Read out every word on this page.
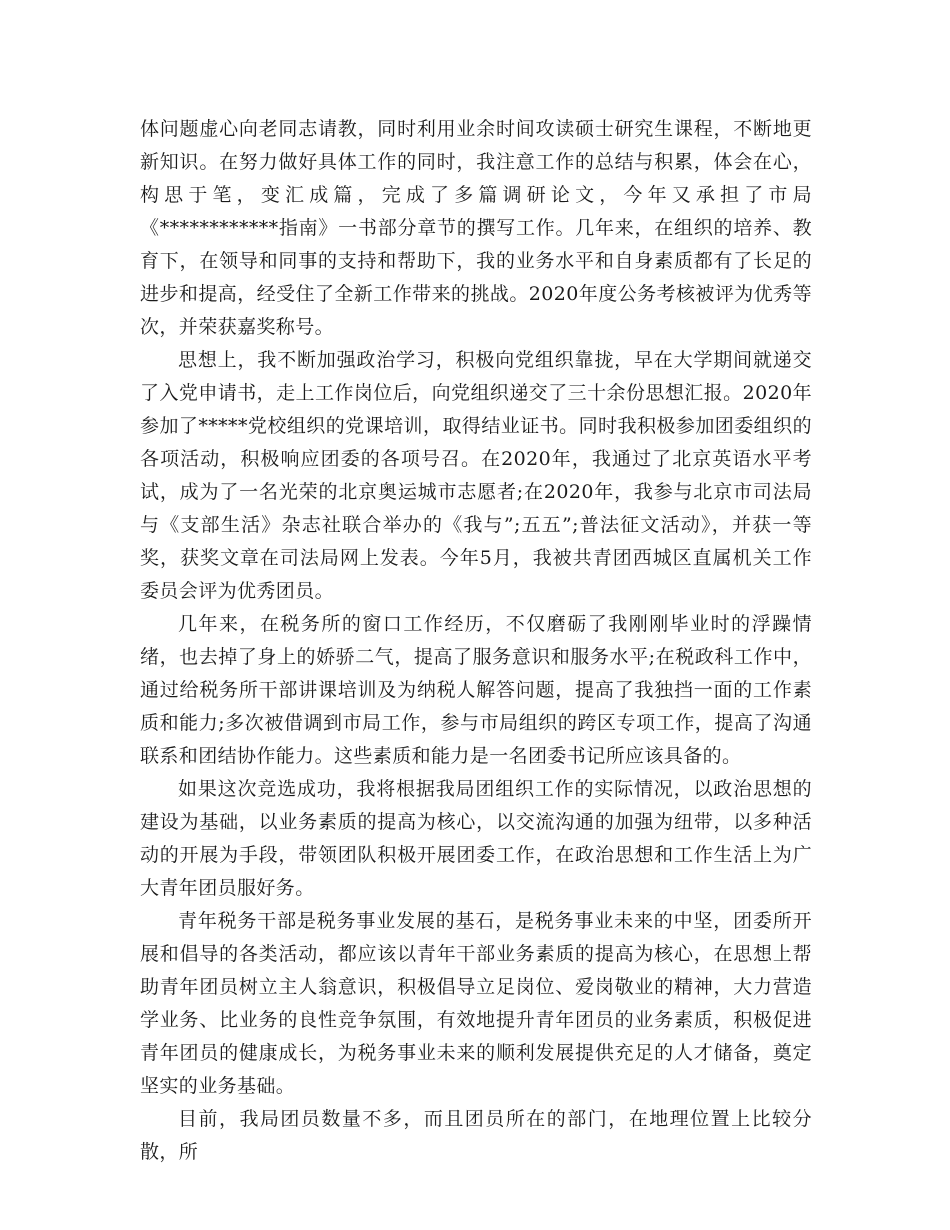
体问题虚心向老同志请教，同时利用业余时间攻读硕士研究生课程，不断地更新知识。在努力做好具体工作的同时，我注意工作的总结与积累，体会在心，构思于笔，变汇成篇，完成了多篇调研论文，今年又承担了市局《************指南》一书部分章节的撰写工作。几年来，在组织的培养、教育下，在领导和同事的支持和帮助下，我的业务水平和自身素质都有了长足的进步和提高，经受住了全新工作带来的挑战。2020年度公务考核被评为优秀等次，并荣获嘉奖称号。

思想上，我不断加强政治学习，积极向党组织靠拢，早在大学期间就递交了入党申请书，走上工作岗位后，向党组织递交了三十余份思想汇报。2020年参加了*****党校组织的党课培训，取得结业证书。同时我积极参加团委组织的各项活动，积极响应团委的各项号召。在2020年，我通过了北京英语水平考试，成为了一名光荣的北京奥运城市志愿者;在2020年，我参与北京市司法局与《支部生活》杂志社联合举办的《我与”;五五”;普法征文活动》，并获一等奖，获奖文章在司法局网上发表。今年5月，我被共青团西城区直属机关工作委员会评为优秀团员。

几年来，在税务所的窗口工作经历，不仅磨砺了我刚刚毕业时的浮躁情绪，也去掉了身上的娇骄二气，提高了服务意识和服务水平;在税政科工作中，通过给税务所干部讲课培训及为纳税人解答问题，提高了我独挡一面的工作素质和能力;多次被借调到市局工作，参与市局组织的跨区专项工作，提高了沟通联系和团结协作能力。这些素质和能力是一名团委书记所应该具备的。

如果这次竞选成功，我将根据我局团组织工作的实际情况，以政治思想的建设为基础，以业务素质的提高为核心，以交流沟通的加强为纽带，以多种活动的开展为手段，带领团队积极开展团委工作，在政治思想和工作生活上为广大青年团员服好务。

青年税务干部是税务事业发展的基石，是税务事业未来的中坚，团委所开展和倡导的各类活动，都应该以青年干部业务素质的提高为核心，在思想上帮助青年团员树立主人翁意识，积极倡导立足岗位、爱岗敬业的精神，大力营造学业务、比业务的良性竞争氛围，有效地提升青年团员的业务素质，积极促进青年团员的健康成长，为税务事业未来的顺利发展提供充足的人才储备，奠定坚实的业务基础。

目前，我局团员数量不多，而且团员所在的部门，在地理位置上比较分散，所
